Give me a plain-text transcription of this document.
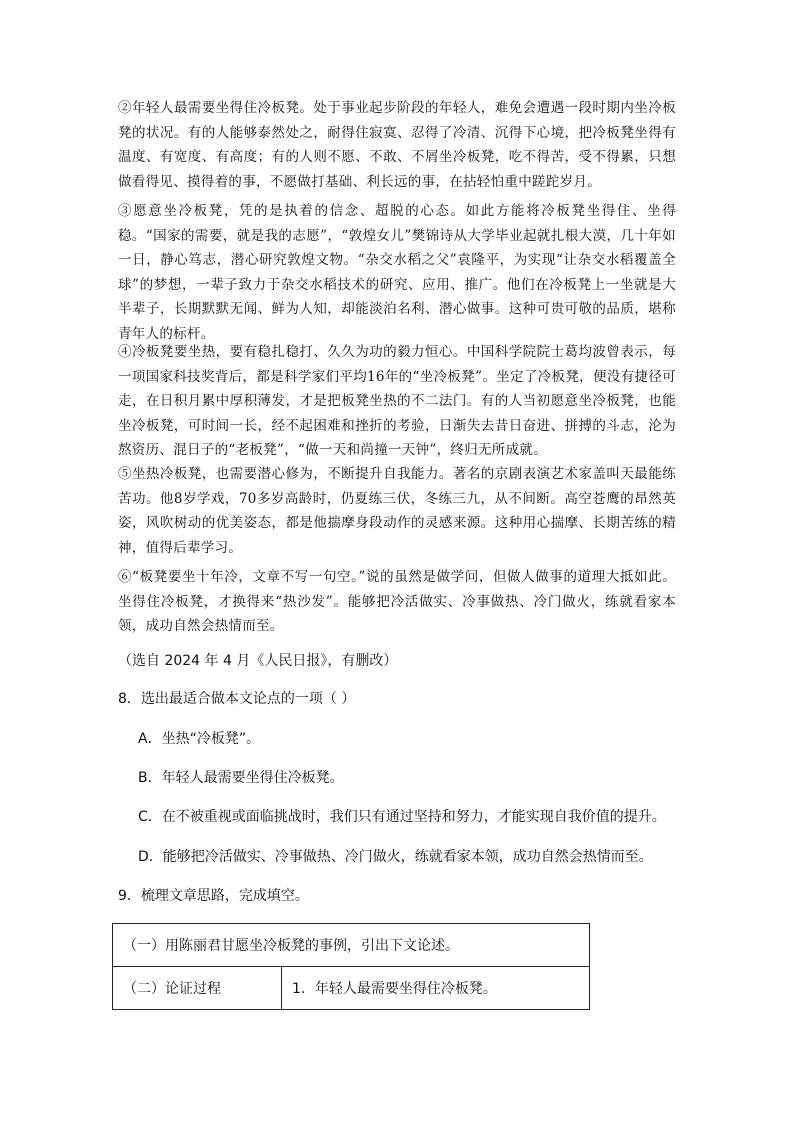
②年轻人最需要坐得住冷板凳。处于事业起步阶段的年轻人，难免会遭遇一段时期内坐冷板凳的状况。有的人能够泰然处之，耐得住寂寞、忍得了冷清、沉得下心境，把冷板凳坐得有温度、有宽度、有高度；有的人则不愿、不敢、不屑坐冷板凳，吃不得苦，受不得累，只想做看得见、摸得着的事，不愿做打基础、利长远的事，在拈轻怕重中蹉跎岁月。
③愿意坐冷板凳，凭的是执着的信念、超脱的心态。如此方能将冷板凳坐得住、坐得稳。“国家的需要，就是我的志愿”，“敦煌女儿”樊锦诗从大学毕业起就扎根大漠，几十年如一日，静心笃志，潜心研究敦煌文物。“杂交水稻之父”袁隆平，为实现“让杂交水稻覆盖全球”的梦想，一辈子致力于杂交水稻技术的研究、应用、推广。他们在冷板凳上一坐就是大半辈子，长期默默无闻、鲜为人知，却能淡泊名利、潜心做事。这种可贵可敬的品质，堪称青年人的标杆。
④冷板凳要坐热，要有稳扎稳打、久久为功的毅力恒心。中国科学院院士葛均波曾表示，每一项国家科技奖背后，都是科学家们平均16年的“坐冷板凳”。坐定了冷板凳，便没有捷径可走，在日积月累中厚积薄发，才是把板凳坐热的不二法门。有的人当初愿意坐冷板凳，也能坐冷板凳，可时间一长，经不起困难和挫折的考验，日渐失去昔日奋进、拼搏的斗志，沦为熬资历、混日子的“老板凳”，“做一天和尚撞一天钟”，终归无所成就。
⑤坐热冷板凳，也需要潜心修为，不断提升自我能力。著名的京剧表演艺术家盖叫天最能练苦功。他8岁学戏，70多岁高龄时，仍夏练三伏，冬练三九，从不间断。高空苍鹰的昂然英姿，风吹树动的优美姿态，都是他揣摩身段动作的灵感来源。这种用心揣摩、长期苦练的精神，值得后辈学习。
⑥“板凳要坐十年冷，文章不写一句空。”说的虽然是做学问，但做人做事的道理大抵如此。坐得住冷板凳，才换得来“热沙发”。能够把冷活做实、冷事做热、冷门做火，练就看家本领，成功自然会热情而至。
（选自 2024 年 4 月《人民日报》，有删改）
8．选出最适合做本文论点的一项（ ）
A．坐热“冷板凳”。
B．年轻人最需要坐得住冷板凳。
C．在不被重视或面临挑战时，我们只有通过坚持和努力，才能实现自我价值的提升。
D．能够把冷活做实、冷事做热、冷门做火，练就看家本领，成功自然会热情而至。
9．梳理文章思路，完成填空。
（一）用陈丽君甘愿坐冷板凳的事例，引出下文论述。
（二）论证过程	1．年轻人最需要坐得住冷板凳。
